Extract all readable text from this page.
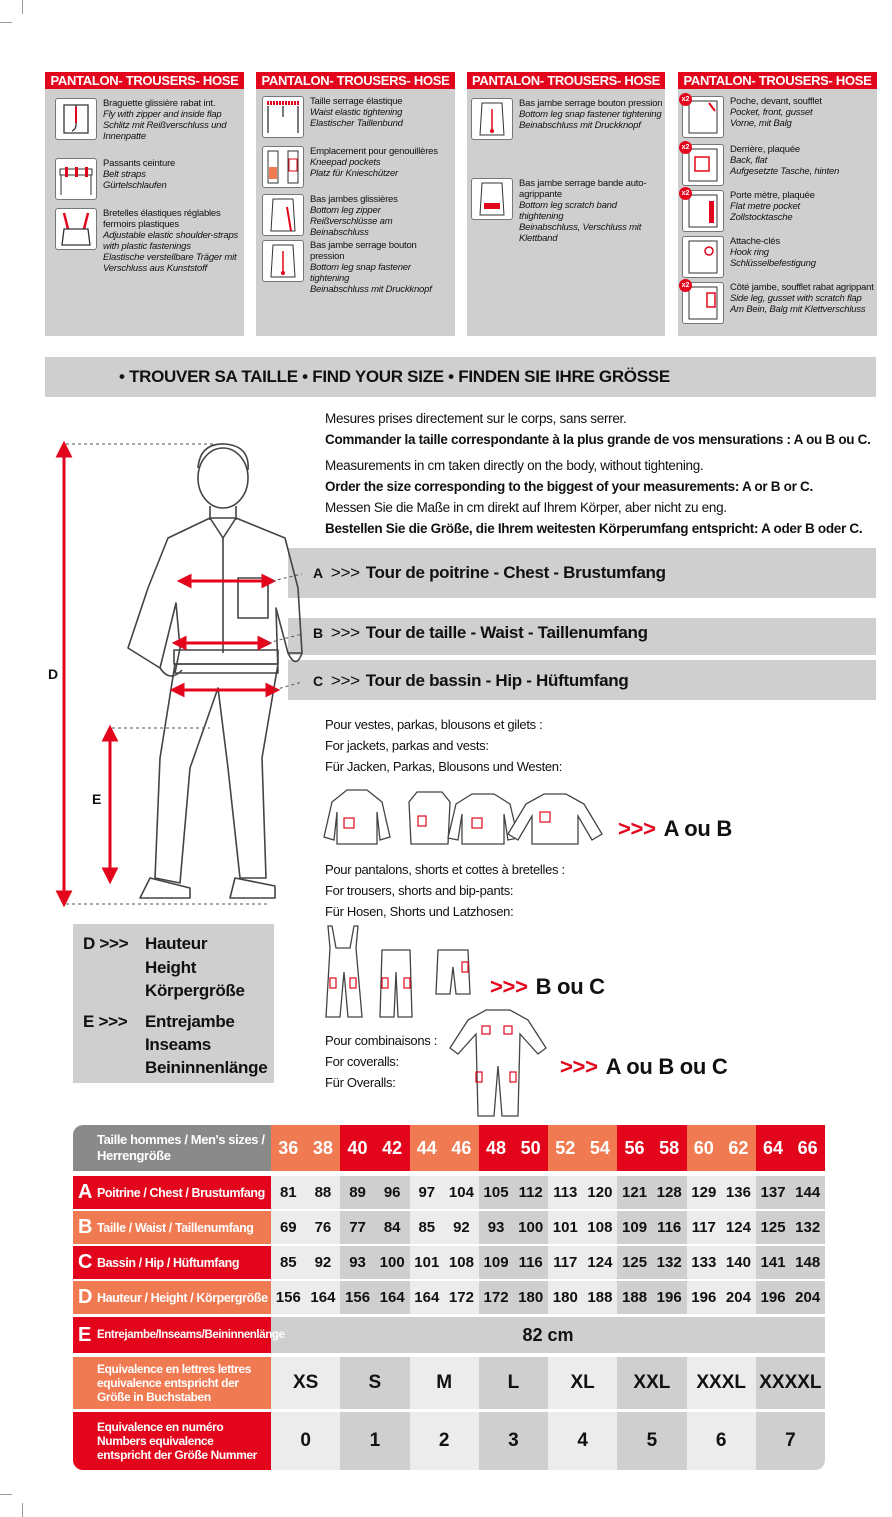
PANTALON- TROUSERS- HOSE
Braguette glissière rabat int.
Fly with zipper and inside flap
Schlitz mit Reißverschluss und Innenpatte
Passants ceinture
Belt straps
Gürtelschlaufen
Bretelles élastiques réglables fermoirs plastiques
Adjustable elastic shoulder-straps with plastic fastenings
Elastische verstellbare Träger mit Verschluss aus Kunststoff
PANTALON- TROUSERS- HOSE
Taille serrage élastique
Waist elastic tightening
Elastischer Taillenbund
Emplacement pour genouillères
Kneepad pockets
Platz für Knieschützer
Bas jambes glissières
Bottom leg zipper
Reißverschlüsse am Beinabschluss
Bas jambe serrage bouton pression
Bottom leg snap fastener tightening
Beinabschluss mit Druckknopf
PANTALON- TROUSERS- HOSE
Bas jambe serrage bouton pression
Bottom leg snap fastener tightening
Beinabschluss mit Druckknopf
Bas jambe serrage bande auto-agrippante
Bottom leg scratch band thightening
Beinabschluss, Verschluss mit Klettband
PANTALON- TROUSERS- HOSE
x2	Poche, devant, soufflet
Pocket, front, gusset
Vorne, mit Balg
x2	Derrière, plaquée
Back, flat
Aufgesetzte Tasche, hinten
x2	Porte mètre, plaquée
Flat metre pocket
Zollstocktasche
Attache-clés
Hook ring
Schlüsselbefestigung
x2	Côté jambe, soufflet rabat agrippant
Side leg, gusset with scratch flap
Am Bein, Balg mit Klettverschluss
• TROUVER SA TAILLE • FIND YOUR SIZE • FINDEN SIE IHRE GRÖSSE
Mesures prises directement sur le corps, sans serrer.
Commander la taille correspondante à la plus grande de vos mensurations : A ou B ou C.
Measurements in cm taken directly on the body, without tightening.
Order the size corresponding to the biggest of your measurements: A or B or C.
Messen Sie die Maße in cm direkt auf Ihrem Körper, aber nicht zu eng.
Bestellen Sie die Größe, die Ihrem weitesten Körperumfang entspricht: A oder B oder C.
A >>> Tour de poitrine - Chest - Brustumfang
B >>> Tour de taille - Waist - Taillenumfang
C >>> Tour de bassin - Hip - Hüftumfang
D
E
Pour vestes, parkas, blousons et gilets :
For jackets, parkas and vests:
Für Jacken, Parkas, Blousons und Westen:
>>> A ou B
Pour pantalons, shorts et cottes à bretelles :
For trousers, shorts and bip-pants:
Für Hosen, Shorts und Latzhosen:
>>> B ou C
Pour combinaisons :
For coveralls:
Für Overalls:
>>> A ou B ou C
D >>> Hauteur
Height
Körpergröße
E >>> Entrejambe
Inseams
Beininnenlänge
Taille hommes / Men's sizes / Herrengröße	36 38 40 42 44 46 48 50 52 54 56 58 60 62 64 66
A Poitrine / Chest / Brustumfang	81	88	89	96	97 104 105 112 113 120 121 128 129 136 137 144
B Taille / Waist / Taillenumfang	69	76	77	84	85	92	93 100 101 108 109 116 117 124 125 132
C Bassin / Hip / Hüftumfang	85	92	93 100 101 108 109 116 117 124 125 132 133 140 141 148
D Hauteur / Height / Körpergröße 156 164 156 164 164 172 172 180 180 188 188 196 196 204 196 204
E Entrejambe/Inseams/Beininnenlänge	82 cm
Equivalence en lettres lettres equivalence entspricht der Größe in Buchstaben
XS	S	M	L	XL	XXL	XXXL XXXXL
Equivalence en numéro Numbers equivalence entspricht der Größe Nummer
0	1	2	3	4	5	6	7
